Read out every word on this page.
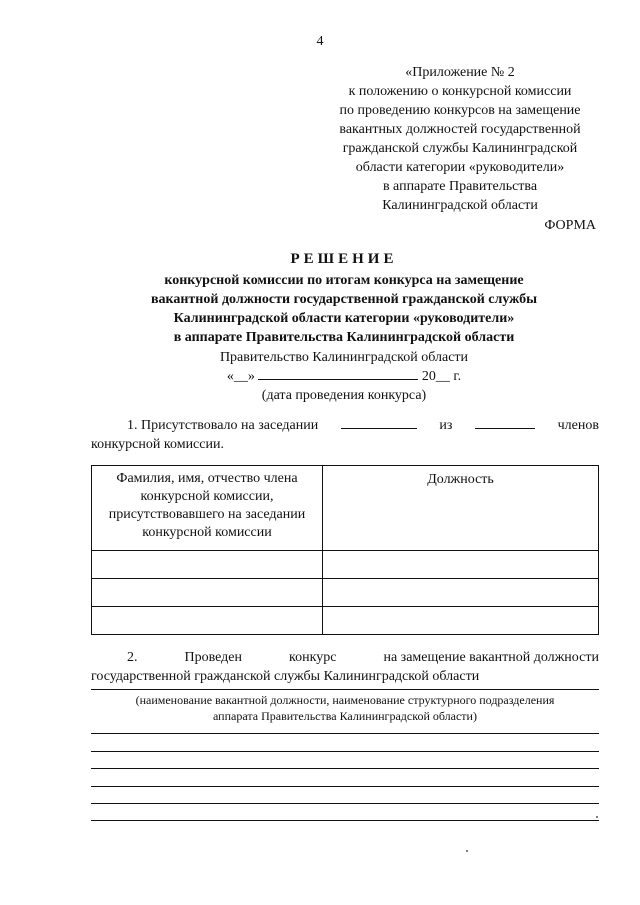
4
«Приложение № 2
к положению о конкурсной комиссии
по проведению конкурсов на замещение
вакантных должностей государственной
гражданской службы Калининградской
области категории «руководители»
в аппарате Правительства
Калининградской области
ФОРМА
РЕШЕНИЕ
конкурсной комиссии по итогам конкурса на замещение
вакантной должности государственной гражданской службы
Калининградской области категории «руководители»
в аппарате Правительства Калининградской области
Правительство Калининградской области
«__»	20__ г.
(дата проведения конкурса)
1. Присутствовало на заседании	из	членов
конкурсной комиссии.
Фамилия, имя, отчество члена конкурсной комиссии, присутствовавшего на заседании конкурсной комиссии	Должность

2.	Проведен	конкурс	на замещение вакантной должности
государственной гражданской службы Калининградской области
(наименование вакантной должности, наименование структурного подразделения
аппарата Правительства Калининградской области)
